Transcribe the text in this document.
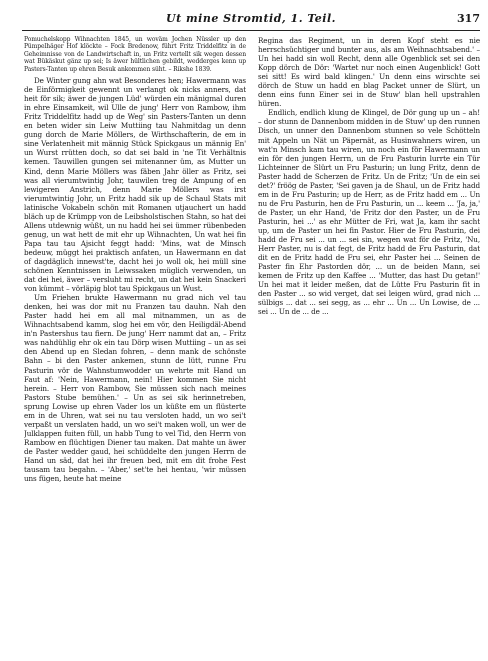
Ut mine Stromtid, 1. Teil.	317

Pomuchelskopp Wihnachten 1845, un woväm Jochen Nüssler up den Pümpelhäger Hof klöckte – Fock Bredenow, führt Fritz Triddelfitz in de Geheimnisse von de Landwirtschaft in, un Fritz vertellt sik wegen dessen wat Bükäskut gänz up sei; Is äwer hültlichen gebildt, wedderges kenn up Pasters-Tanten up ehren Besuk ankommen süht. – Rikshe 1839.

De Winter gung ahn wat Besonderes hen; Hawermann was de Einförmigkeit gewennt un verlangt ok nicks anners, dat heit för sik; äwer de jungen Lüd' würden ein mänigmal duren in ehre Einsamkeit, wil Ulle de jung' Herr von Rambow, ihm Fritz Triddelfitz hadd up de Weg' sin Pasters-Tanten un denn en beten wider sin Leiw Muttiing tau Nahmitdag un denn gung dorch de Marie Möllers, de Wirthschafterin, de em in sine Verlatenheit mit männig Stück Spickgaus un männig En' un Wurst rrütten doch, so dat sei bald in 'ne Tit Verhältnis kemen. Tauwillen gungen sei mitenanner üm, as Mutter un Kind, denn Marie Möllers was fäben Jahr öller as Fritz, sei was all vierumtwintig Johr, tauwilen treg de Ampung of en lewigeren Anstrich, denn Marie Möllers was irst vierumtwintig Johr, un Fritz hadd sik up de Schaul Stats mit latinische Vokabeln schön mit Romanen utjauchert un hadd bläch up de Krümpp von de Leibsholstischen Stahn, so hat dei Allens utdewnig wüßt, un nu hadd hei sei ümmer rübenbeden genug, un wat hett de mit ehr up Wihnachten, Un wat hei fin Papa tau tau Ajsicht feggt hadd: 'Mins, wat de Minsch bedeuw, müggt hei praktisch anfaten, un Hawermann en dat of dagdäglich innewst'te, dacht hei jo woll ok, hei müll sine schönen Kenntnissen in Leiwssaken müglich verwenden, un dat dei hei, äwer – versluht mi recht, un dat hei kein Snackeri von kümmt – vörläpig blot tau Spickgaus un Wust.

Um Friehen brukte Hawermann nu grad nich vel tau denken, hei was dor mit nu Franzen tau dauhn. Nah den Paster hadd hei em all mal mitnammen, un as de Wihnachtsabend kamm, slog hei em vör, den Heiligdäl-Abend in'n Pastershus tau fiern. De jung' Herr nammt dat an, – Fritz was nahdühlig ehr ok ein tau Dörp wisen Muttiing – un as sei den Abend up en Sledan fohren, – denn mank de schönste Bahn – bi den Paster ankemen, stunn de lütt, runne Fru Pasturin vör de Wahnstumwodder un wehrte mit Hand un Faut af: 'Nein, Hawermann, nein! Hier kommen Sie nicht herein. – Herr von Rambow, Sie müssen sich nach meines Pastors Stube bemühen.' – Un as sei sik herinnetreben, sprung Lowise up ehren Vader los un küßte em un flüsterte em in de Uhren, wat sei nu tau versloten hadd, un wo sei't verpaßt un verslaten hadd, un wo sei't maken woll, un wer de Julklappen fuiten füll, un habb Tung to vel Tid, den Herrn von Rambow en flüchtigen Diener tau maken. Dat mahte un äwer de Paster wedder gaud, hei schüddelte den jungen Herrn de Hand un säd, dat hei ihr freuen bed, mit em dit frohe Fest tausam tau begahn. – 'Aber,' set'te hei hentau, 'wir müssen uns fügen, heute hat meine

Regina das Regiment, un in deren Kopf steht es nie herrschsüchtiger und bunter aus, als am Weihnachtsabend.' – Un hei hadd sin woll Recht, denn alle Ogenblick set sei den Kopp dörch de Dör: 'Wartet nur noch einen Augenblick! Gott sei sitt! Es wird bald klingen.' Un denn eins wirschte sei dörch de Stuw un hadd en blag Packet unner de Slürt, un denn eins funn Einer sei in de Stuw' blan hell upstrahlen hüren.

Endlich, endlich klung de Klingel, de Dör gung up un – ah! – dor stunn de Dannenbom midden in de Stuw' up den runnen Disch, un unner den Dannenbom stunnen so vele Schötteln mit Appeln un Nät un Päpernät, as Husinwahners wiren, un wat'n Minsch kam tau wiren, un noch ein för Hawermann un ein för den jungen Herrn, un de Fru Pasturin lurrte ein Tür Lichteinner de Slürt un Fru Pasturin; un lung Fritz, denn de Paster hadd de Scherzen de Fritz. Un de Fritz; 'Un de ein sei det?' fröög de Paster, 'Sei gaven ja de Shaul, un de Fritz hadd em in de Fru Pasturin; up de Herr, as de Fritz hadd em ... Un nu de Fru Pasturin, hen de Fru Pasturin, un ... keem ... 'Ja, ja,' de Paster, un ehr Hand, 'de Fritz dor den Paster, un de Fru Pasturin, hei ...' as ehr Mütter de Fri, wat Ja, kam ihr sacht up, um de Paster un hei fin Pastor. Hier de Fru Pasturin, dei hadd de Fru sei ... un ... sei sin, wegen wat för de Fritz, 'Nu, Herr Paster, nu is dat fegt, de Fritz hadd de Fru Pasturin, dat dit en de Fritz hadd de Fru sei, ehr Paster hei ... Seinen de Paster fin Ehr Pastorden dör, ... un de beiden Mann, sei kemen de Fritz up den Kaffee ... 'Mutter, das hast Du getan!' Un hei mat it leider meßen, dat de Lütte Fru Pasturin fit in den Paster ... so wid verget, dat sei leigen würd, grad nich ... sülbigs ... dat ... sei segg, as ... ehr ... Un ... Un Lowise, de ... sei ... Un de ... de ...
